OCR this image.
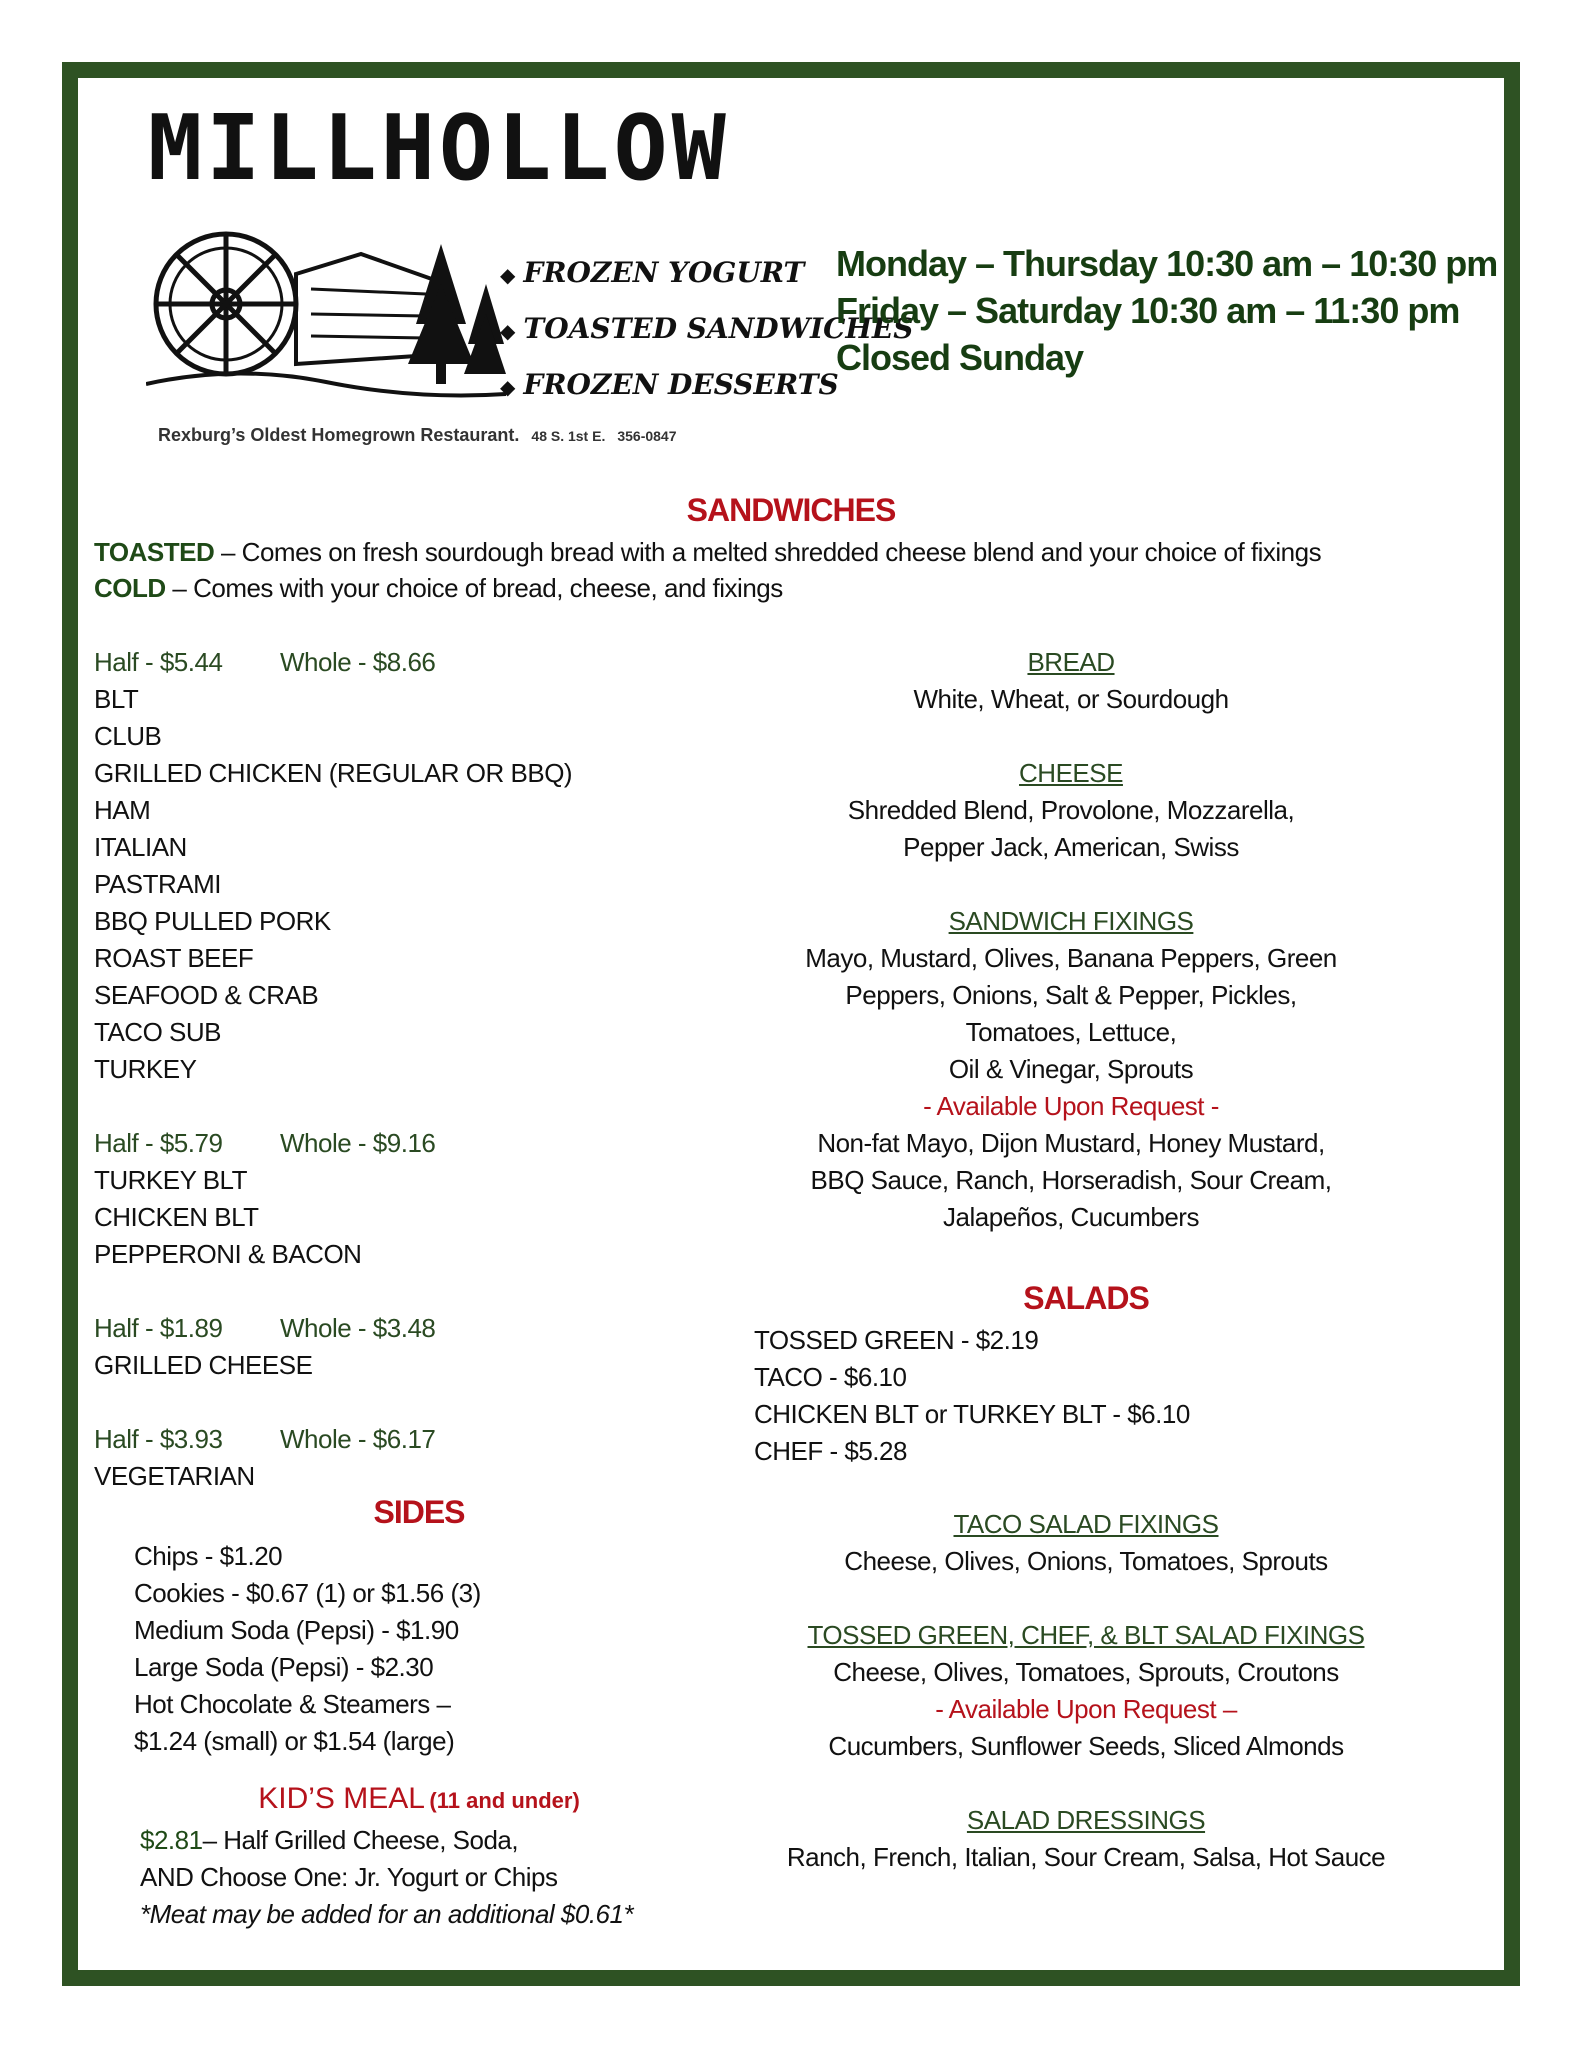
MILLHOLLOW
◆ FROZEN YOGURT
◆ TOASTED SANDWICHES
◆ FROZEN DESSERTS
Rexburg’s Oldest Homegrown Restaurant. 48 S. 1st E. 356-0847
Monday – Thursday 10:30 am – 10:30 pm
Friday – Saturday 10:30 am – 11:30 pm
Closed Sunday
SANDWICHES
TOASTED – Comes on fresh sourdough bread with a melted shredded cheese blend and your choice of fixings
COLD – Comes with your choice of bread, cheese, and fixings
Half - $5.44 Whole - $8.66
BLT
CLUB
GRILLED CHICKEN (REGULAR OR BBQ)
HAM
ITALIAN
PASTRAMI
BBQ PULLED PORK
ROAST BEEF
SEAFOOD & CRAB
TACO SUB
TURKEY
Half - $5.79 Whole - $9.16
TURKEY BLT
CHICKEN BLT
PEPPERONI & BACON
Half - $1.89 Whole - $3.48
GRILLED CHEESE
Half - $3.93 Whole - $6.17
VEGETARIAN
SIDES
Chips - $1.20
Cookies - $0.67 (1) or $1.56 (3)
Medium Soda (Pepsi) - $1.90
Large Soda (Pepsi) - $2.30
Hot Chocolate & Steamers –
$1.24 (small) or $1.54 (large)
KID’S MEAL (11 and under)
$2.81– Half Grilled Cheese, Soda,
AND Choose One: Jr. Yogurt or Chips
*Meat may be added for an additional $0.61*
BREAD
White, Wheat, or Sourdough
CHEESE
Shredded Blend, Provolone, Mozzarella,
Pepper Jack, American, Swiss
SANDWICH FIXINGS
Mayo, Mustard, Olives, Banana Peppers, Green
Peppers, Onions, Salt & Pepper, Pickles,
Tomatoes, Lettuce,
Oil & Vinegar, Sprouts
- Available Upon Request -
Non-fat Mayo, Dijon Mustard, Honey Mustard,
BBQ Sauce, Ranch, Horseradish, Sour Cream,
Jalapeños, Cucumbers
SALADS
TOSSED GREEN - $2.19
TACO - $6.10
CHICKEN BLT or TURKEY BLT - $6.10
CHEF - $5.28
TACO SALAD FIXINGS
Cheese, Olives, Onions, Tomatoes, Sprouts
TOSSED GREEN, CHEF, & BLT SALAD FIXINGS
Cheese, Olives, Tomatoes, Sprouts, Croutons
- Available Upon Request –
Cucumbers, Sunflower Seeds, Sliced Almonds
SALAD DRESSINGS
Ranch, French, Italian, Sour Cream, Salsa, Hot Sauce
